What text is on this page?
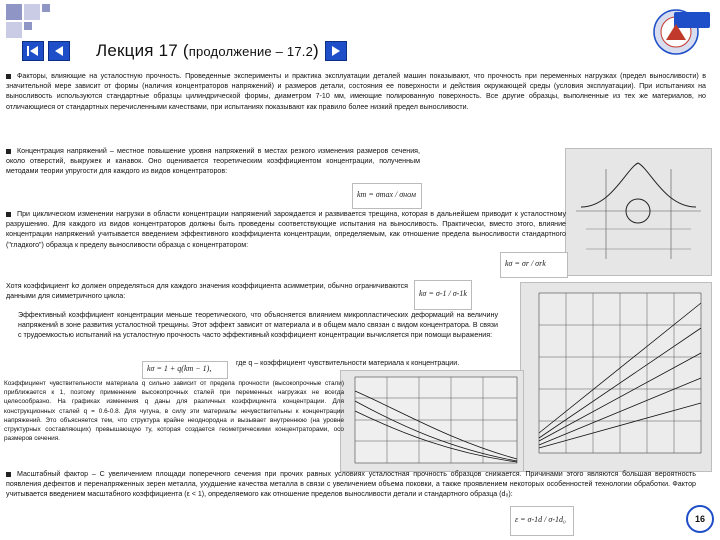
Лекция 17 (продолжение – 17.2)
Факторы, влияющие на усталостную прочность. Проведенные эксперименты и практика эксплуатации деталей машин показывают, что прочность при переменных нагрузках (предел выносливости) в значительной мере зависит от формы (наличия концентраторов напряжений) и размеров детали, состояния ее поверхности и действия окружающей среды (условия эксплуатации). При испытаниях на выносливость используются стандартные образцы цилиндрической формы, диаметром 7-10 мм, имеющие полированную поверхность. Все другие образцы, выполненные из тех же материалов, но отличающиеся от стандартных перечисленными качествами, при испытаниях показывают как правило более низкий предел выносливости.
Концентрация напряжений – местное повышение уровня напряжений в местах резкого изменения размеров сечения, около отверстий, выкружек и канавок. Оно оценивается теоретическим коэффициентом концентрации, полученным методами теории упругости для каждого из видов концентраторов:
kт = σmax / σном
При циклическом изменении нагрузки в области концентрации напряжений зарождается и развивается трещина, которая в дальнейшем приводит к усталостному разрушению. Для каждого из видов концентраторов должны быть проведены соответствующие испытания на выносливость. Практически, вместо этого, влияние концентрации напряжений учитывается введением эффективного коэффициента концентрации, определяемым, как отношение предела выносливости стандартного ("гладкого") образца к пределу выносливости образца с концентратором:
kσ = σr / σrk
Хотя коэффициент kσ должен определяться для каждого значения коэффициента асимметрии, обычно ограничиваются данными для симметричного цикла:	kσ = σ-1 / σ-1k
Эффективный коэффициент концентрации меньше теоретического, что объясняется влиянием микропластических деформаций на величину напряжений в зоне развития усталостной трещины. Этот эффект зависит от материала и в общем мало связан с видом концентратора. В связи с трудоемкостью испытаний на усталостную прочность часто эффективный коэффициент концентрации вычисляется при помощи выражения:
kσ = 1 + q(kт − 1),
где q – коэффициент чувствительности материала к концентрации.
Коэффициент чувствительности материала q сильно зависит от предела прочности (высокопрочные стали) приближается к 1, поэтому применение высокопрочных сталей при переменных нагрузках не всегда целесообразно. На графиках изменения q даны для различных коэффициента концентрации. Для конструкционных сталей q = 0.6-0.8. Для чугуна, в силу эти материалы нечувствительны к концентрации напряжений. Это объясняется тем, что структура крайне неоднородна и вызывает внутреннюю (на уровне структурных составляющих) превышающую ту, которая создается геометрическими концентраторами, осо размеров сечения.
Масштабный фактор – С увеличением площади поперечного сечения при прочих равных условиях усталостная прочность образцов снижается. Причинами этого являются большая вероятность появления дефектов и перенапряженных зерен металла, ухудшение качества металла в связи с увеличением объема поковки, а также проявлением некоторых особенностей технологии обработки. Фактор учитывается введением масштабного коэффициента (ε < 1), определяемого как отношение пределов выносливости детали и стандартного образца (d₀):
ε = σ-1d / σ-1d₀	16
